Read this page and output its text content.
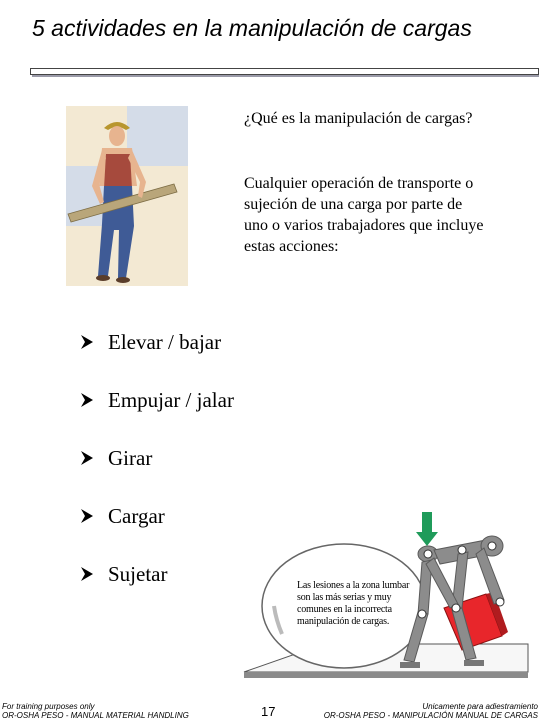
5 actividades en la manipulación de cargas
¿Qué es la manipulación de cargas?
Cualquier operación de transporte o sujeción de una carga por parte de uno o varios trabajadores que incluye estas acciones:
Elevar / bajar
Empujar / jalar
Girar
Cargar
Sujetar	Las lesiones a la zona lumbar son las más serias y muy comunes en la incorrecta manipulación de cargas.
For training purposes only
OR-OSHA PESO - MANUAL MATERIAL HANDLING	17	Unicamente para adiestramiento
OR-OSHA PESO - MANIPULACIÓN MANUAL DE CARGAS
